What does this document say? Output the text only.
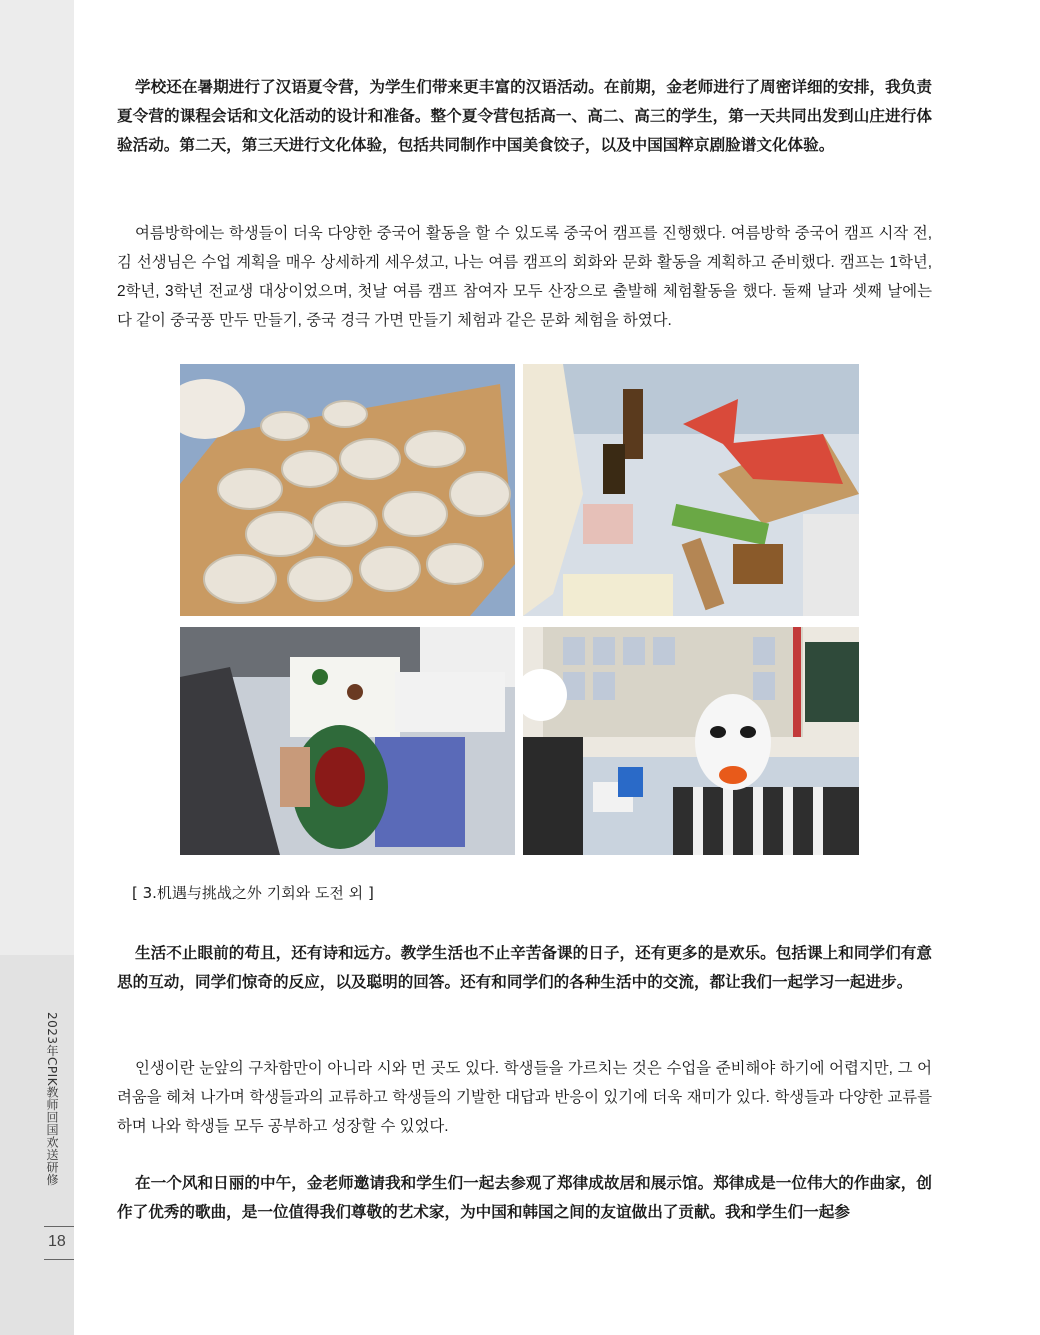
2023年CPIK教师回国欢送研修
18

学校还在暑期进行了汉语夏令营，为学生们带来更丰富的汉语活动。在前期，金老师进行了周密详细的安排，我负责夏令营的课程会话和文化活动的设计和准备。整个夏令营包括高一、高二、高三的学生，第一天共同出发到山庄进行体验活动。第二天，第三天进行文化体验，包括共同制作中国美食饺子，以及中国国粹京剧脸谱文化体验。

여름방학에는 학생들이 더욱 다양한 중국어 활동을 할 수 있도록 중국어 캠프를 진행했다. 여름방학 중국어 캠프 시작 전, 김 선생님은 수업 계획을 매우 상세하게 세우셨고, 나는 여름 캠프의 회화와 문화 활동을 계획하고 준비했다. 캠프는 1학년, 2학년, 3학년 전교생 대상이었으며, 첫날 여름 캠프 참여자 모두 산장으로 출발해 체험활동을 했다. 둘째 날과 셋째 날에는 다 같이 중국풍 만두 만들기, 중국 경극 가면 만들기 체험과 같은 문화 체험을 하였다.

[ 3.机遇与挑战之外 기회와 도전 외 ]

生活不止眼前的苟且，还有诗和远方。教学生活也不止辛苦备课的日子，还有更多的是欢乐。包括课上和同学们有意思的互动，同学们惊奇的反应，以及聪明的回答。还有和同学们的各种生活中的交流，都让我们一起学习一起进步。

인생이란 눈앞의 구차함만이 아니라 시와 먼 곳도 있다. 학생들을 가르치는 것은 수업을 준비해야 하기에 어렵지만, 그 어려움을 헤쳐 나가며 학생들과의 교류하고 학생들의 기발한 대답과 반응이 있기에 더욱 재미가 있다. 학생들과 다양한 교류를 하며 나와 학생들 모두 공부하고 성장할 수 있었다.

在一个风和日丽的中午，金老师邀请我和学生们一起去参观了郑律成故居和展示馆。郑律成是一位伟大的作曲家，创作了优秀的歌曲，是一位值得我们尊敬的艺术家，为中国和韩国之间的友谊做出了贡献。我和学生们一起参
